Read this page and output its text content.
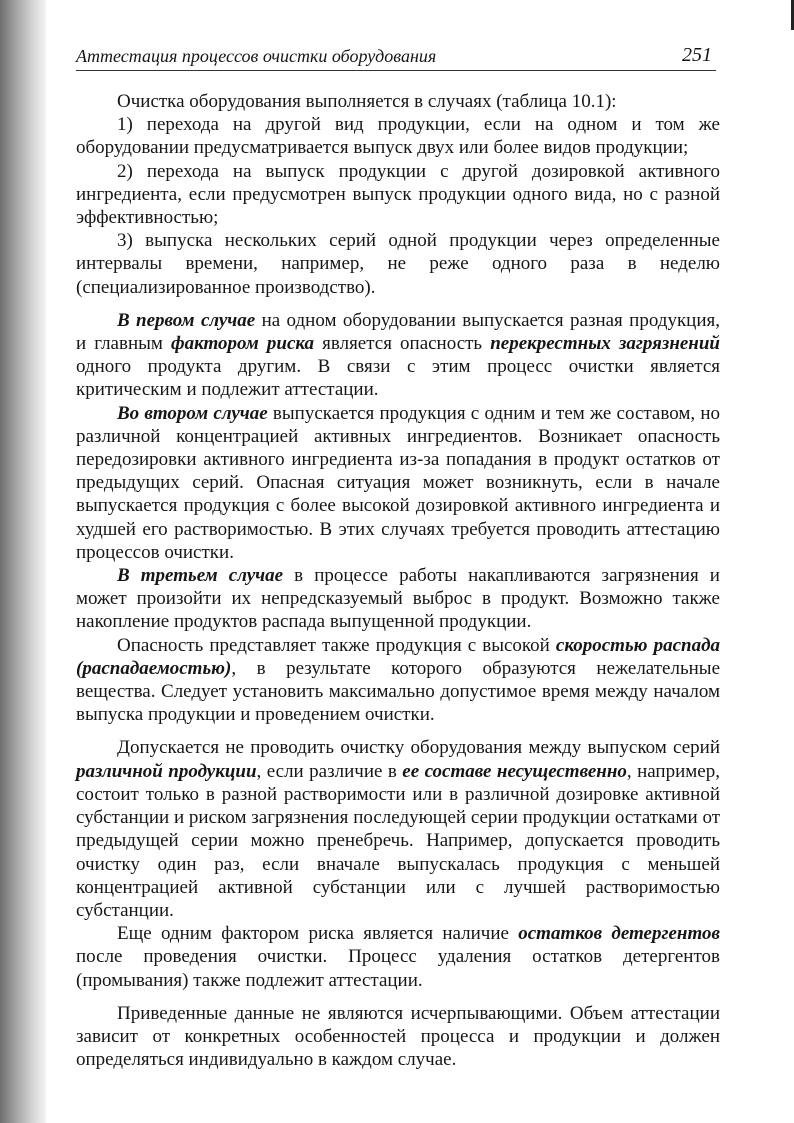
Аттестация процессов очистки оборудования	251

Очистка оборудования выполняется в случаях (таблица 10.1):

1) перехода на другой вид продукции, если на одном и том же оборудовании предусматривается выпуск двух или более видов продукции;

2) перехода на выпуск продукции с другой дозировкой активного ингредиента, если предусмотрен выпуск продукции одного вида, но с разной эффективностью;

3) выпуска нескольких серий одной продукции через определенные интервалы времени, например, не реже одного раза в неделю (специализированное производство).

В первом случае на одном оборудовании выпускается разная продукция, и главным фактором риска является опасность перекрестных загрязнений одного продукта другим. В связи с этим процесс очистки является критическим и подлежит аттестации.

Во втором случае выпускается продукция с одним и тем же составом, но различной концентрацией активных ингредиентов. Возникает опасность передозировки активного ингредиента из-за попадания в продукт остатков от предыдущих серий. Опасная ситуация может возникнуть, если в начале выпускается продукция с более высокой дозировкой активного ингредиента и худшей его растворимостью. В этих случаях требуется проводить аттестацию процессов очистки.

В третьем случае в процессе работы накапливаются загрязнения и может произойти их непредсказуемый выброс в продукт. Возможно также накопление продуктов распада выпущенной продукции.

Опасность представляет также продукция с высокой скоростью распада (распадаемостью), в результате которого образуются нежелательные вещества. Следует установить максимально допустимое время между началом выпуска продукции и проведением очистки.

Допускается не проводить очистку оборудования между выпуском серий различной продукции, если различие в ее составе несущественно, например, состоит только в разной растворимости или в различной дозировке активной субстанции и риском загрязнения последующей серии продукции остатками от предыдущей серии можно пренебречь. Например, допускается проводить очистку один раз, если вначале выпускалась продукция с меньшей концентрацией активной субстанции или с лучшей растворимостью субстанции.

Еще одним фактором риска является наличие остатков детергентов после проведения очистки. Процесс удаления остатков детергентов (промывания) также подлежит аттестации.

Приведенные данные не являются исчерпывающими. Объем аттестации зависит от конкретных особенностей процесса и продукции и должен определяться индивидуально в каждом случае.
